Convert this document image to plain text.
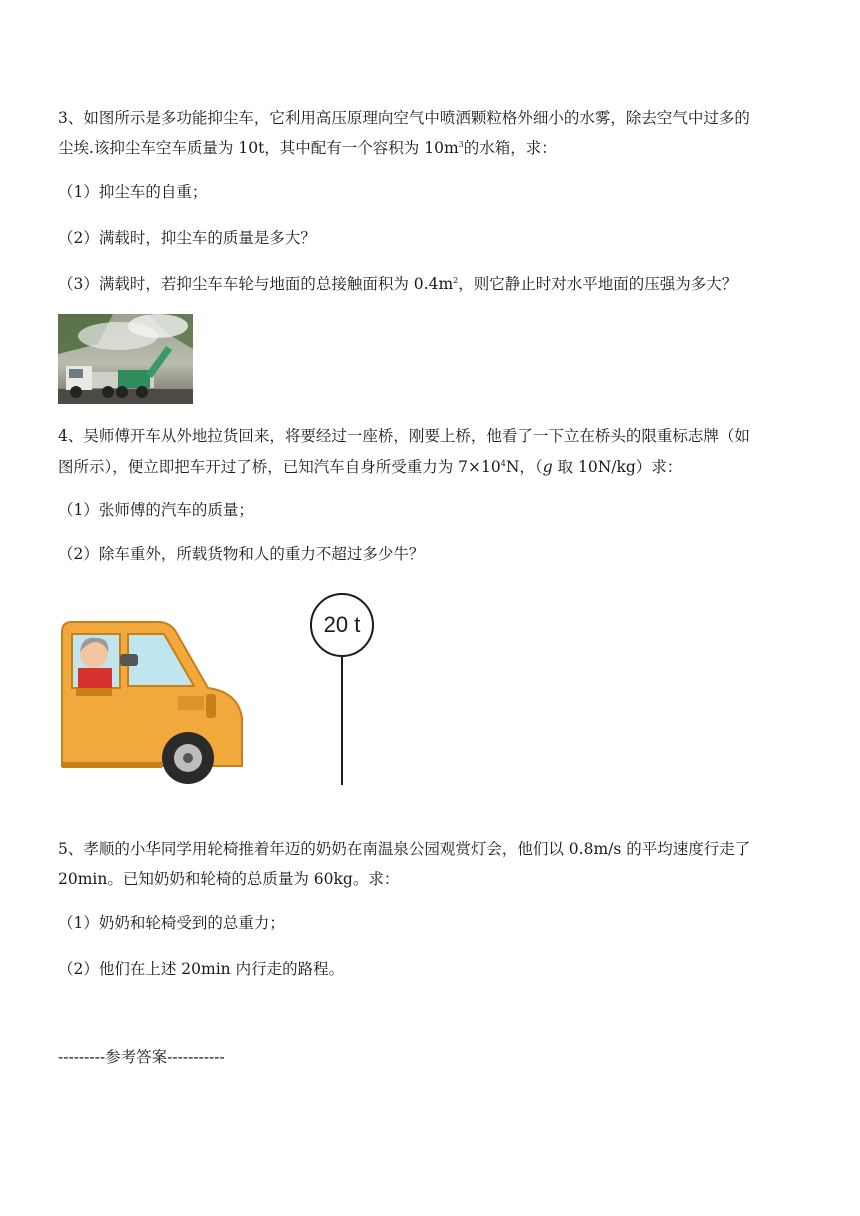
3、如图所示是多功能抑尘车，它利用高压原理向空气中喷洒颗粒格外细小的水雾，除去空气中过多的
尘埃.该抑尘车空车质量为 10t，其中配有一个容积为 $10m^3$的水箱，求：
（1）抑尘车的自重；
（2）满载时，抑尘车的质量是多大？
（3）满载时，若抑尘车车轮与地面的总接触面积为 $0.4m^2$，则它静止时对水平地面的压强为多大？
4、吴师傅开车从外地拉货回来，将要经过一座桥，刚要上桥，他看了一下立在桥头的限重标志牌（如
图所示），便立即把车开过了桥，已知汽车自身所受重力为 $7\times 10^4N$，（g 取 10N/kg）求：
（1）张师傅的汽车的质量；
（2）除车重外，所载货物和人的重力不超过多少牛？
20 t
5、孝顺的小华同学用轮椅推着年迈的奶奶在南温泉公园观赏灯会，他们以 0.8m/s 的平均速度行走了
20min。已知奶奶和轮椅的总质量为 60kg。求：
（1）奶奶和轮椅受到的总重力；
（2）他们在上述 20min 内行走的路程。
---------参考答案-----------
